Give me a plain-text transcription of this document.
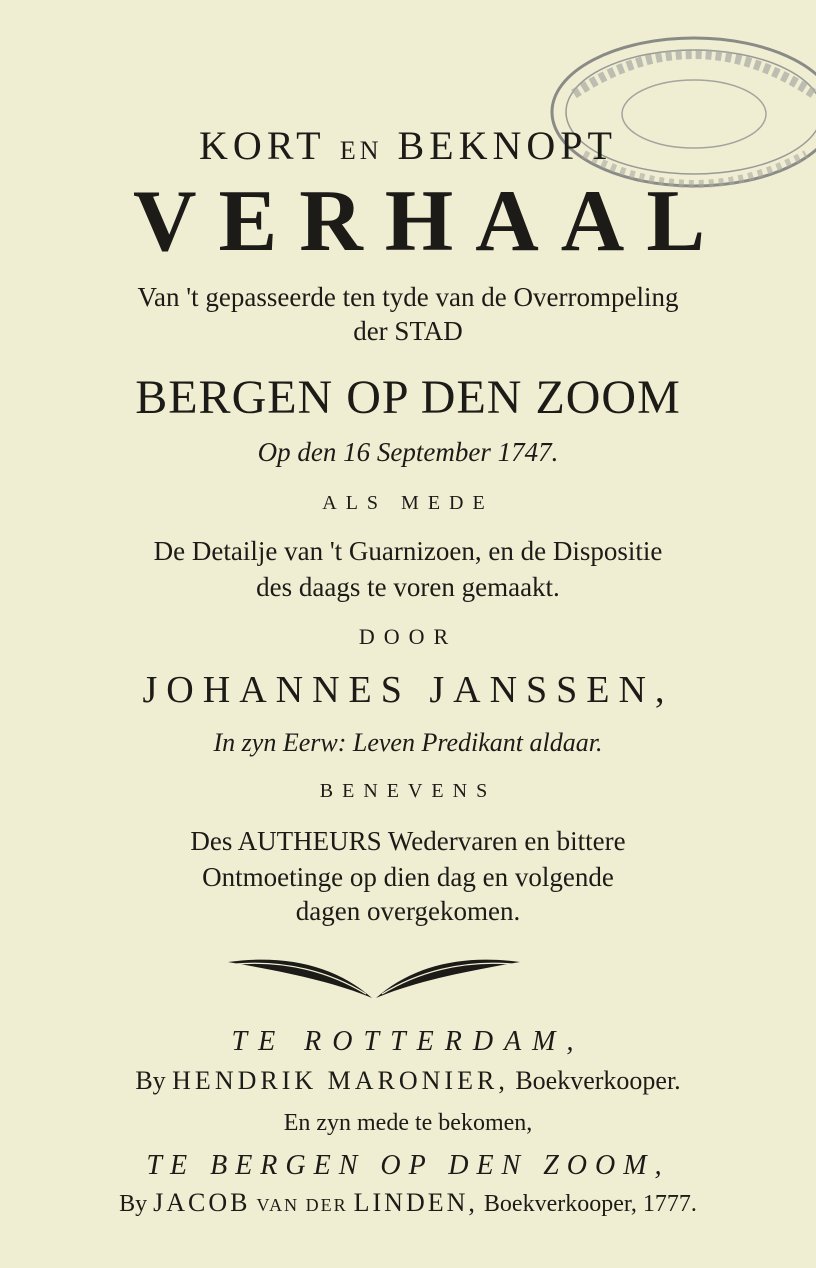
KORT EN BEKNOPT
VERHAAL
Van 't gepasseerde ten tyde van de Overrompeling
der STAD
BERGEN OP DEN ZOOM
Op den 16 September 1747.
ALS MEDE
De Detailje van 't Guarnizoen, en de Dispositie
des daags te voren gemaakt.
DOOR
JOHANNES JANSSEN,
In zyn Eerw: Leven Predikant aldaar.
BENEVENS
Des AUTHEURS Wedervaren en bittere
Ontmoetinge op dien dag en volgende
dagen overgekomen.
TE ROTTERDAM,
By HENDRIK MARONIER, Boekverkooper.
En zyn mede te bekomen,
TE BERGEN OP DEN ZOOM,
By JACOB VAN DER LINDEN, Boekverkooper, 1777.
